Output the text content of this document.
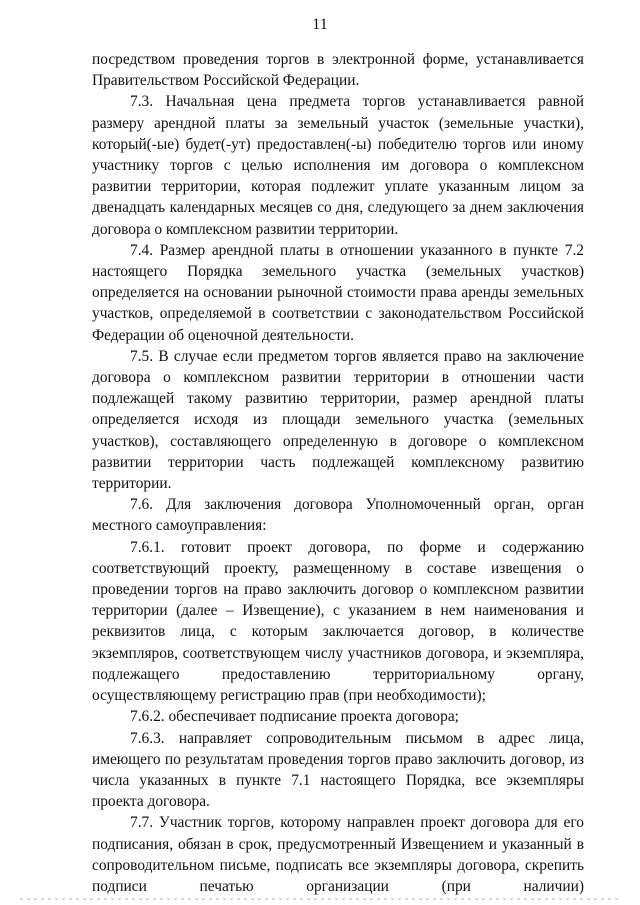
11

посредством проведения торгов в электронной форме, устанавливается Правительством Российской Федерации.

7.3. Начальная цена предмета торгов устанавливается равной размеру арендной платы за земельный участок (земельные участки), который(-ые) будет(-ут) предоставлен(-ы) победителю торгов или иному участнику торгов с целью исполнения им договора о комплексном развитии территории, которая подлежит уплате указанным лицом за двенадцать календарных месяцев со дня, следующего за днем заключения договора о комплексном развитии территории.

7.4. Размер арендной платы в отношении указанного в пункте 7.2 настоящего Порядка земельного участка (земельных участков) определяется на основании рыночной стоимости права аренды земельных участков, определяемой в соответствии с законодательством Российской Федерации об оценочной деятельности.

7.5. В случае если предметом торгов является право на заключение договора о комплексном развитии территории в отношении части подлежащей такому развитию территории, размер арендной платы определяется исходя из площади земельного участка (земельных участков), составляющего определенную в договоре о комплексном развитии территории часть подлежащей комплексному развитию территории.

7.6. Для заключения договора Уполномоченный орган, орган местного самоуправления:

7.6.1. готовит проект договора, по форме и содержанию соответствующий проекту, размещенному в составе извещения о проведении торгов на право заключить договор о комплексном развитии территории (далее – Извещение), с указанием в нем наименования и реквизитов лица, с которым заключается договор, в количестве экземпляров, соответствующем числу участников договора, и экземпляра, подлежащего предоставлению территориальному органу, осуществляющему регистрацию прав (при необходимости);

7.6.2. обеспечивает подписание проекта договора;

7.6.3. направляет сопроводительным письмом в адрес лица, имеющего по результатам проведения торгов право заключить договор, из числа указанных в пункте 7.1 настоящего Порядка, все экземпляры проекта договора.

7.7. Участник торгов, которому направлен проект договора для его подписания, обязан в срок, предусмотренный Извещением и указанный в сопроводительном письме, подписать все экземпляры договора, скрепить подписи печатью организации (при наличии)
